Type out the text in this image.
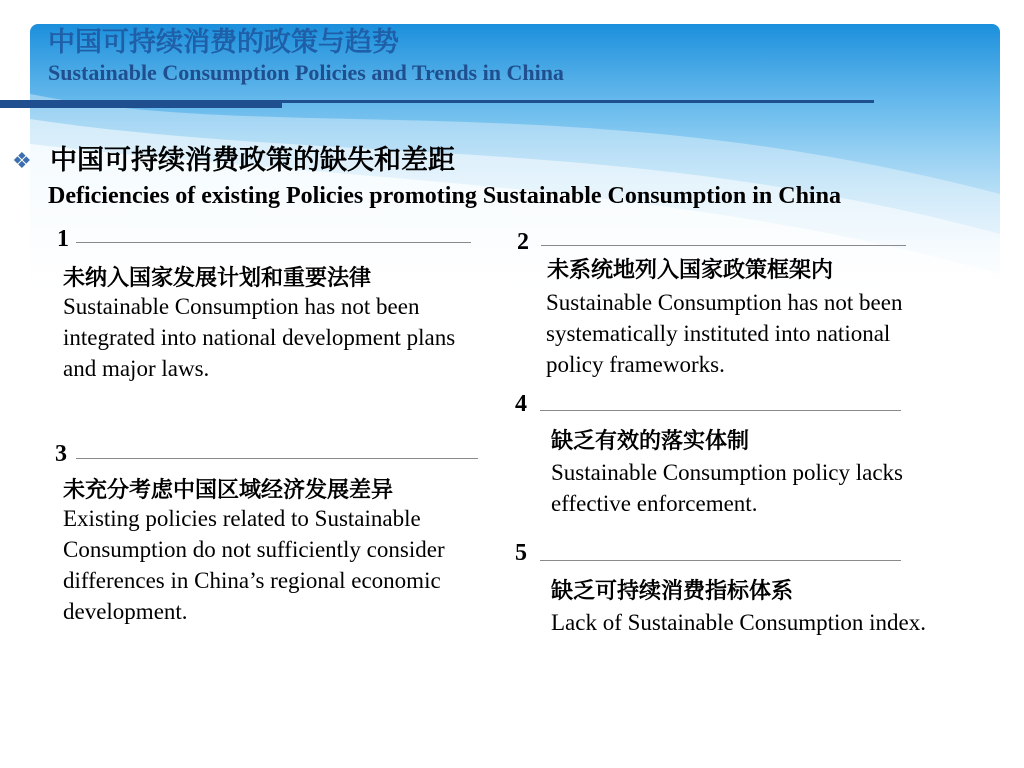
中国可持续消费的政策与趋势
Sustainable Consumption Policies and Trends in China
❖ 中国可持续消费政策的缺失和差距
Deficiencies of existing Policies promoting Sustainable Consumption in China
1
未纳入国家发展计划和重要法律
Sustainable Consumption has not been integrated into national development plans and major laws.
2
未系统地列入国家政策框架内
Sustainable Consumption has not been systematically instituted into national policy frameworks.
3
未充分考虑中国区域经济发展差异
Existing policies related to Sustainable Consumption do not sufficiently consider differences in China’s regional economic development.
4
缺乏有效的落实体制
Sustainable Consumption policy lacks effective enforcement.
5
缺乏可持续消费指标体系
Lack of Sustainable Consumption index.
